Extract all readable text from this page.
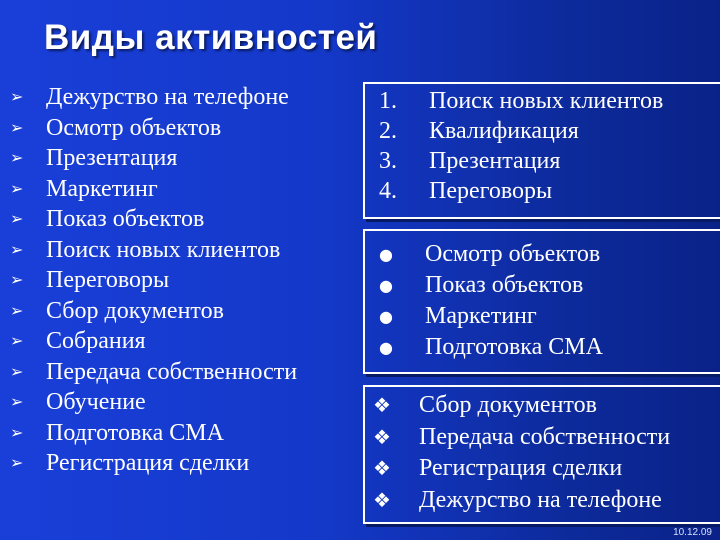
Виды активностей
➢ Дежурство на телефоне
➢ Осмотр объектов
➢ Презентация
➢ Маркетинг
➢ Показ объектов
➢ Поиск новых клиентов
➢ Переговоры
➢ Сбор документов
➢ Собрания
➢ Передача собственности
➢ Обучение
➢ Подготовка СМА
➢ Регистрация сделки
1.	Поиск новых клиентов
2.	Квалификация
3.	Презентация
4.	Переговоры
●	Осмотр объектов
●	Показ объектов
●	Маркетинг
●	Подготовка СМА
❖	Сбор документов
❖	Передача собственности
❖	Регистрация сделки
❖	Дежурство на телефоне
10.12.09
